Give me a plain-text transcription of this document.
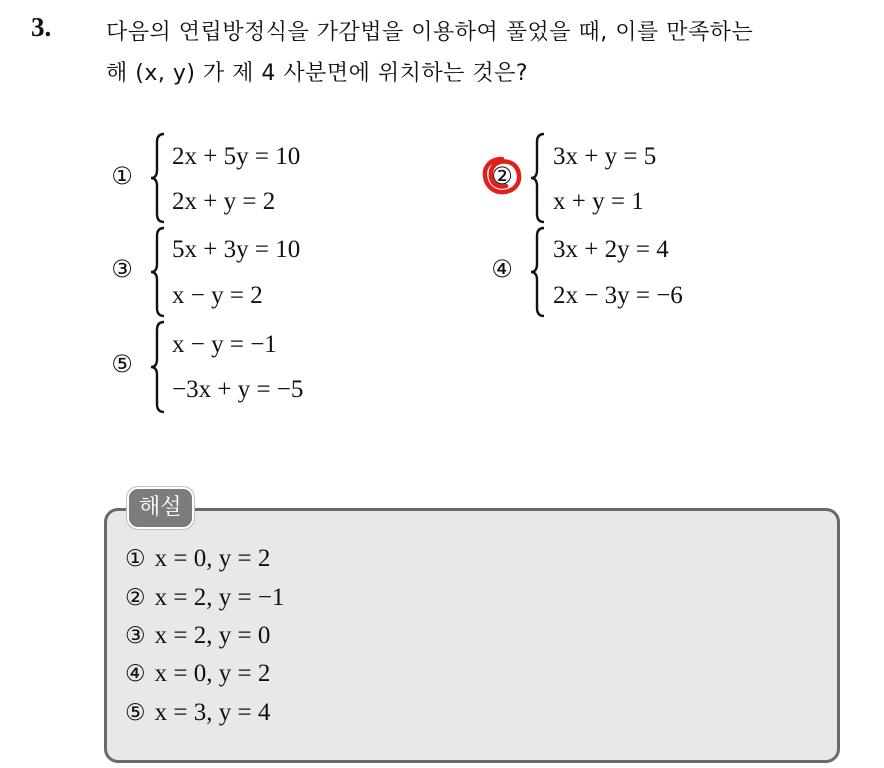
3. 다음의 연립방정식을 가감법을 이용하여 풀었을 때, 이를 만족하는
해 (x, y) 가 제 4 사분면에 위치하는 것은?
①
2x + 5y = 10
2x + y = 2
②
3x + y = 5
x + y = 1
③
5x + 3y = 10
x − y = 2
④
3x + 2y = 4
2x − 3y = −6
⑤
x − y = −1
−3x + y = −5
해설
① x = 0, y = 2
② x = 2, y = −1
③ x = 2, y = 0
④ x = 0, y = 2
⑤ x = 3, y = 4
